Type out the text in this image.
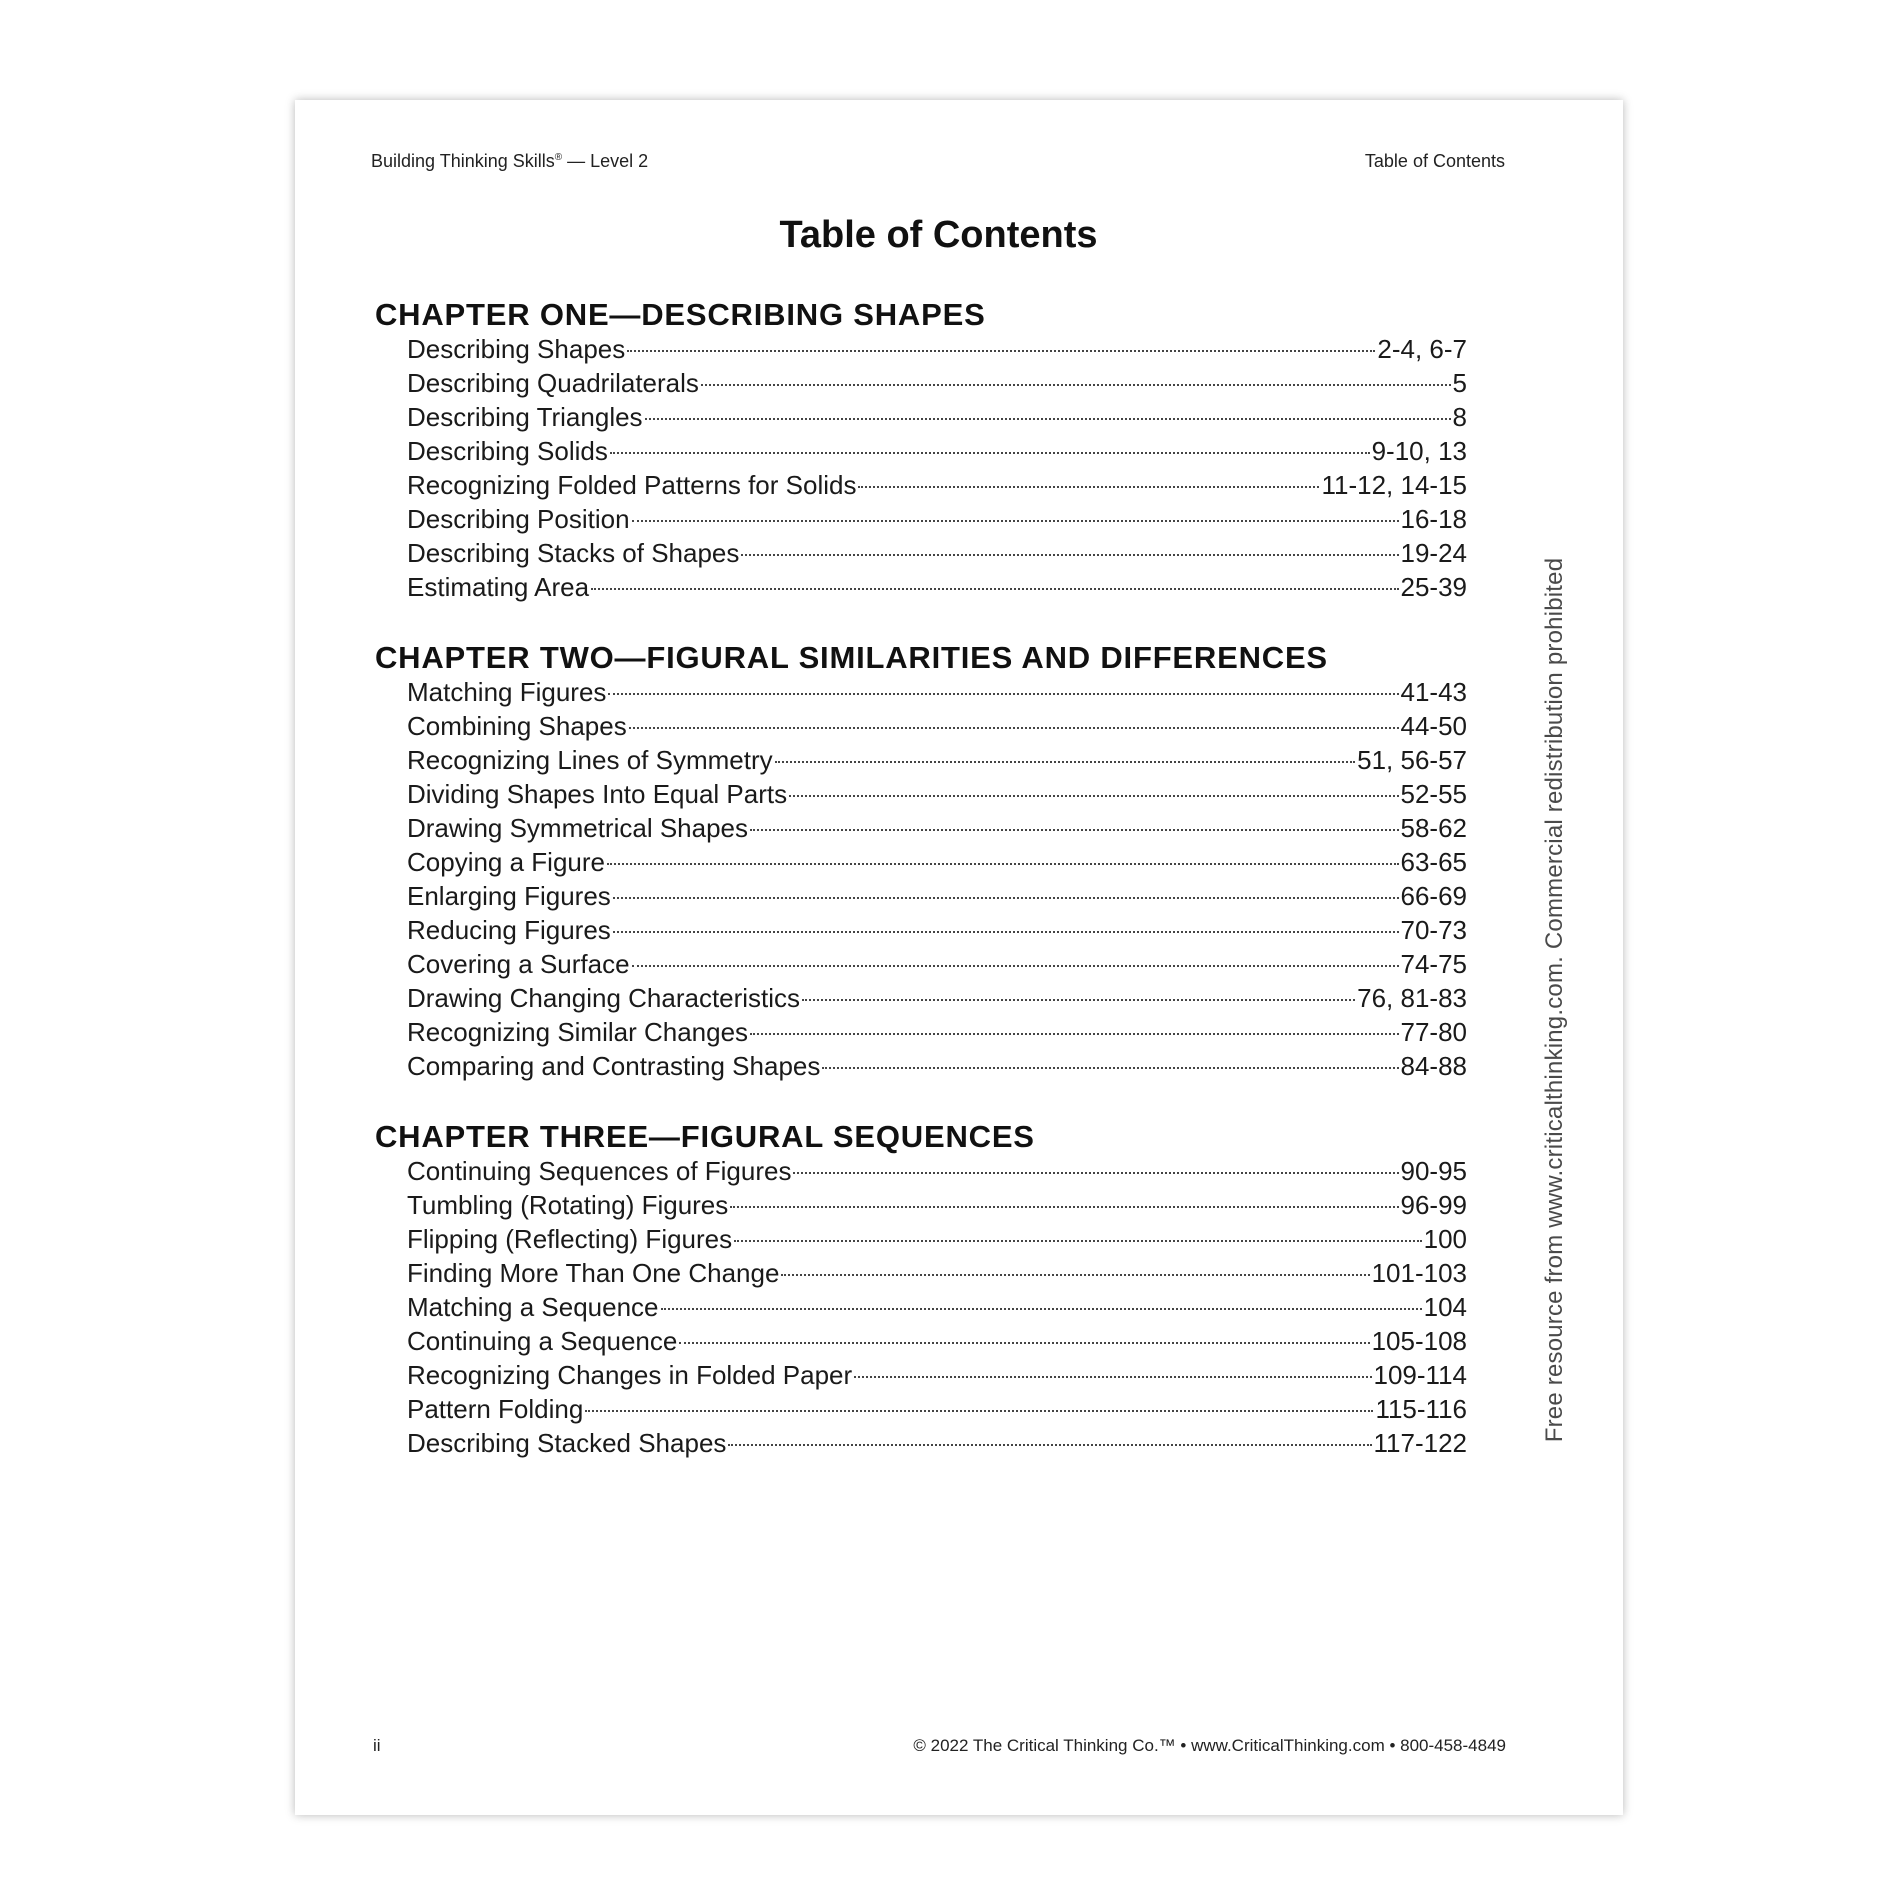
Building Thinking Skills® — Level 2	Table of Contents
Table of Contents
CHAPTER ONE—DESCRIBING SHAPES
Describing Shapes	2-4, 6-7
Describing Quadrilaterals	5
Describing Triangles	8
Describing Solids	9-10, 13
Recognizing Folded Patterns for Solids	11-12, 14-15
Describing Position	16-18
Describing Stacks of Shapes	19-24
Estimating Area	25-39
CHAPTER TWO—FIGURAL SIMILARITIES AND DIFFERENCES
Matching Figures	41-43
Combining Shapes	44-50
Recognizing Lines of Symmetry	51, 56-57
Dividing Shapes Into Equal Parts	52-55
Drawing Symmetrical Shapes	58-62
Copying a Figure	63-65
Enlarging Figures	66-69
Reducing Figures	70-73
Covering a Surface	74-75
Drawing Changing Characteristics	76, 81-83
Recognizing Similar Changes	77-80
Comparing and Contrasting Shapes	84-88
CHAPTER THREE—FIGURAL SEQUENCES
Continuing Sequences of Figures	90-95
Tumbling (Rotating) Figures	96-99
Flipping (Reflecting) Figures	100
Finding More Than One Change	101-103
Matching a Sequence	104
Continuing a Sequence	105-108
Recognizing Changes in Folded Paper	109-114
Pattern Folding	115-116
Describing Stacked Shapes	117-122
ii	© 2022 The Critical Thinking Co.™ • www.CriticalThinking.com • 800-458-4849
Free resource from www.criticalthinking.com. Commercial redistribution prohibited
